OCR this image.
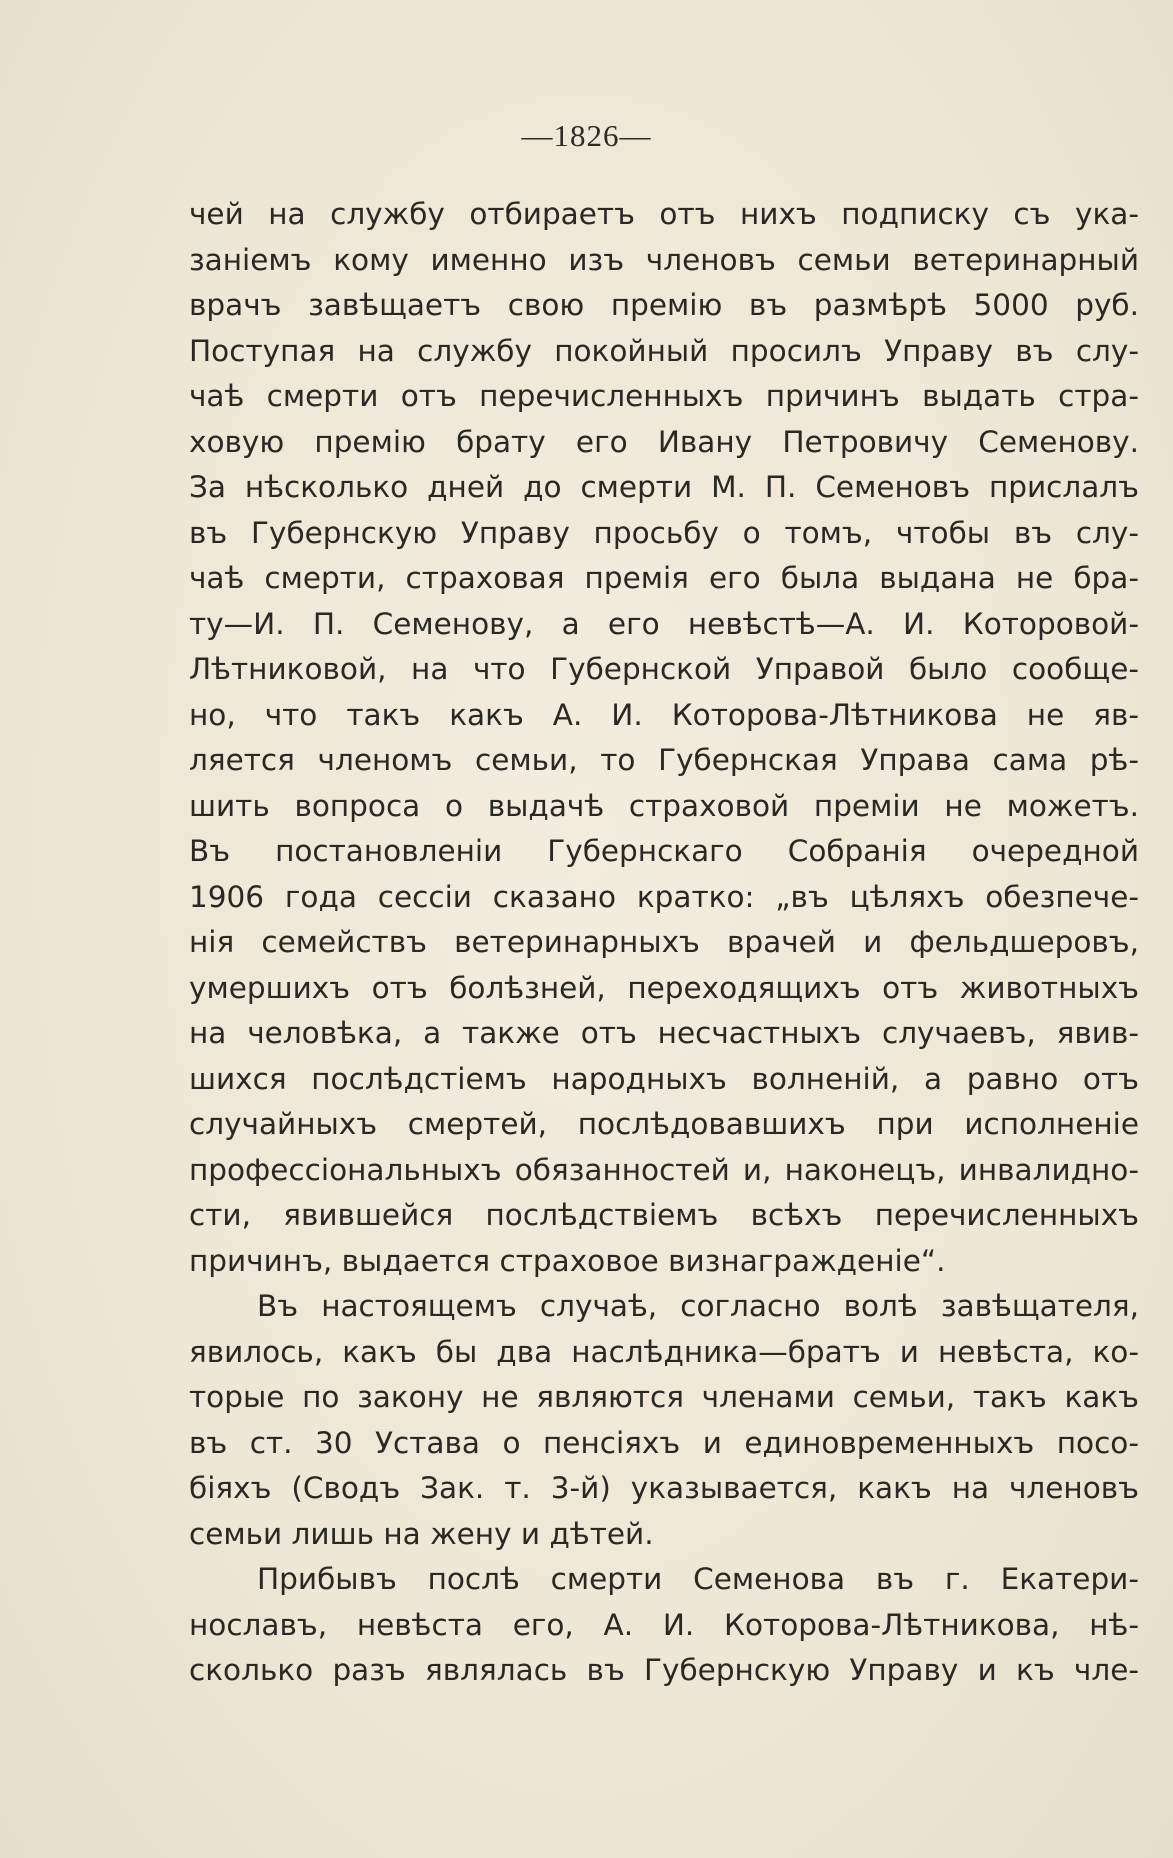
—1826—
чей на службу отбираетъ отъ нихъ подписку съ ука-
занiемъ кому именно изъ членовъ семьи ветеринарный
врачъ завѣщаетъ свою премiю въ размѣрѣ 5000 руб.
Поступая на службу покойный просилъ Управу въ слу-
чаѣ смерти отъ перечисленныхъ причинъ выдать стра-
ховую премiю брату его Ивану Петровичу Семенову.
За нѣсколько дней до смерти М. П. Семеновъ прислалъ
въ Губернскую Управу просьбу о томъ, чтобы въ слу-
чаѣ смерти, страховая премiя его была выдана не бра-
ту—И. П. Семенову, а его невѣстѣ—А. И. Которовой-
Лѣтниковой, на что Губернской Управой было сообще-
но, что такъ какъ А. И. Которова-Лѣтникова не яв-
ляется членомъ семьи, то Губернская Управа сама рѣ-
шить вопроса о выдачѣ страховой премiи не можетъ.
Въ постановленiи Губернскаго Собранiя очередной
1906 года сессiи сказано кратко: „въ цѣляхъ обезпече-
нiя семействъ ветеринарныхъ врачей и фельдшеровъ,
умершихъ отъ болѣзней, переходящихъ отъ животныхъ
на человѣка, а также отъ несчастныхъ случаевъ, явив-
шихся послѣдстiемъ народныхъ волненiй, а равно отъ
случайныхъ смертей, послѣдовавшихъ при исполненiе
профессiональныхъ обязанностей и, наконецъ, инвалидно-
сти, явившейся послѣдствiемъ всѣхъ перечисленныхъ
причинъ, выдается страховое визнагражденiе“.
Въ настоящемъ случаѣ, согласно волѣ завѣщателя,
явилось, какъ бы два наслѣдника—братъ и невѣста, ко-
торые по закону не являются членами семьи, такъ какъ
въ ст. 30 Устава о пенсiяхъ и единовременныхъ посо-
бiяхъ (Сводъ Зак. т. 3-й) указывается, какъ на членовъ
семьи лишь на жену и дѣтей.
Прибывъ послѣ смерти Семенова въ г. Екатери-
нославъ, невѣста его, А. И. Которова-Лѣтникова, нѣ-
сколько разъ являлась въ Губернскую Управу и къ чле-
